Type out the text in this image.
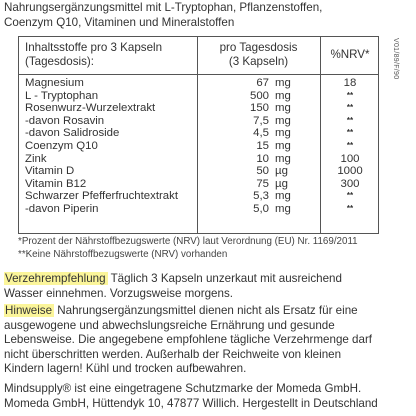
Nahrungsergänzungsmittel mit L-Tryptophan, Pflanzenstoffen,
Coenzym Q10, Vitaminen und Mineralstoffen
Inhaltsstoffe pro 3 Kapseln
(Tagesdosis):
pro Tagesdosis
(3 Kapseln)
%NRV*
Magnesium	67 mg	18
L - Tryptophan	500 mg	**
Rosenwurz-Wurzelextrakt	150 mg	**
-davon Rosavin	7,5 mg	**
-davon Salidroside	4,5 mg	**
Coenzym Q10	15 mg	**
Zink	10 mg	100
Vitamin D	50 µg	1000
Vitamin B12	75 µg	300
Schwarzer Pfefferfruchtextrakt	5,3 mg	**
-davon Piperin	5,0 mg	**
V01/89/F/90
*Prozent der Nährstoffbezugswerte (NRV) laut Verordnung (EU) Nr. 1169/2011
**Keine Nährstoffbezugswerte (NRV) vorhanden
Verzehrempfehlung Täglich 3 Kapseln unzerkaut mit ausreichend
Wasser einnehmen. Vorzugsweise morgens.
Hinweise Nahrungsergänzungsmittel dienen nicht als Ersatz für eine
ausgewogene und abwechslungsreiche Ernährung und gesunde
Lebensweise. Die angegebene empfohlene tägliche Verzehrmenge darf
nicht überschritten werden. Außerhalb der Reichweite von kleinen
Kindern lagern! Kühl und trocken aufbewahren.
Mindsupply® ist eine eingetragene Schutzmarke der Momeda GmbH.
Momeda GmbH, Hüttendyk 10, 47877 Willich. Hergestellt in Deutschland
